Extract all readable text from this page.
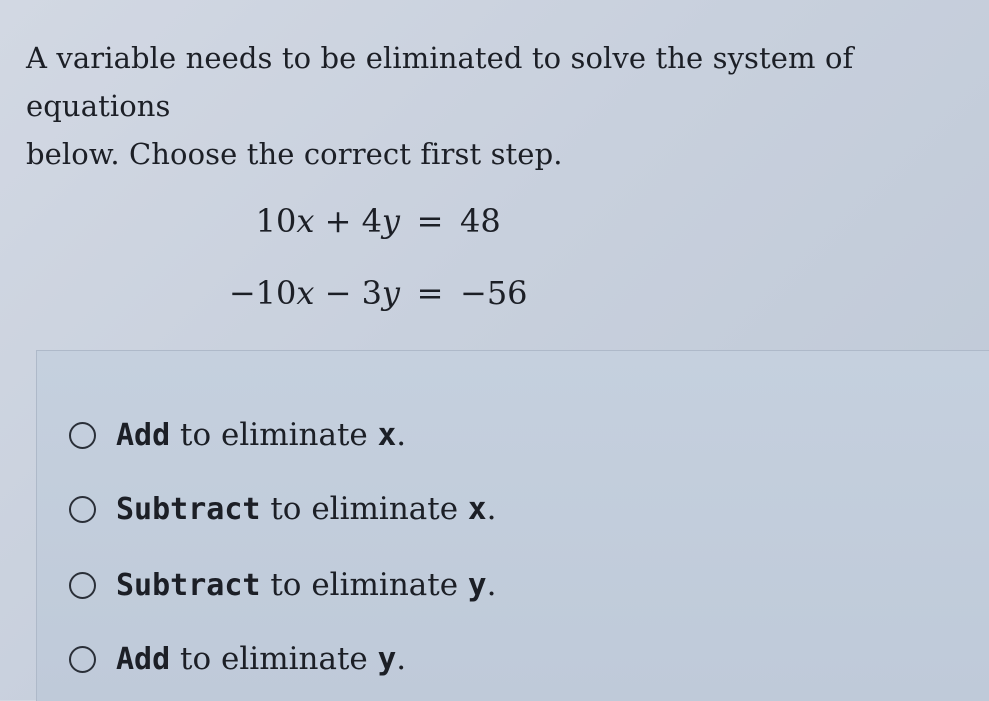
A variable needs to be eliminated to solve the system of equations
below. Choose the correct first step.
10x + 4y = 48
−10x − 3y = −56
Add to eliminate x.
Subtract to eliminate x.
Subtract to eliminate y.
Add to eliminate y.
